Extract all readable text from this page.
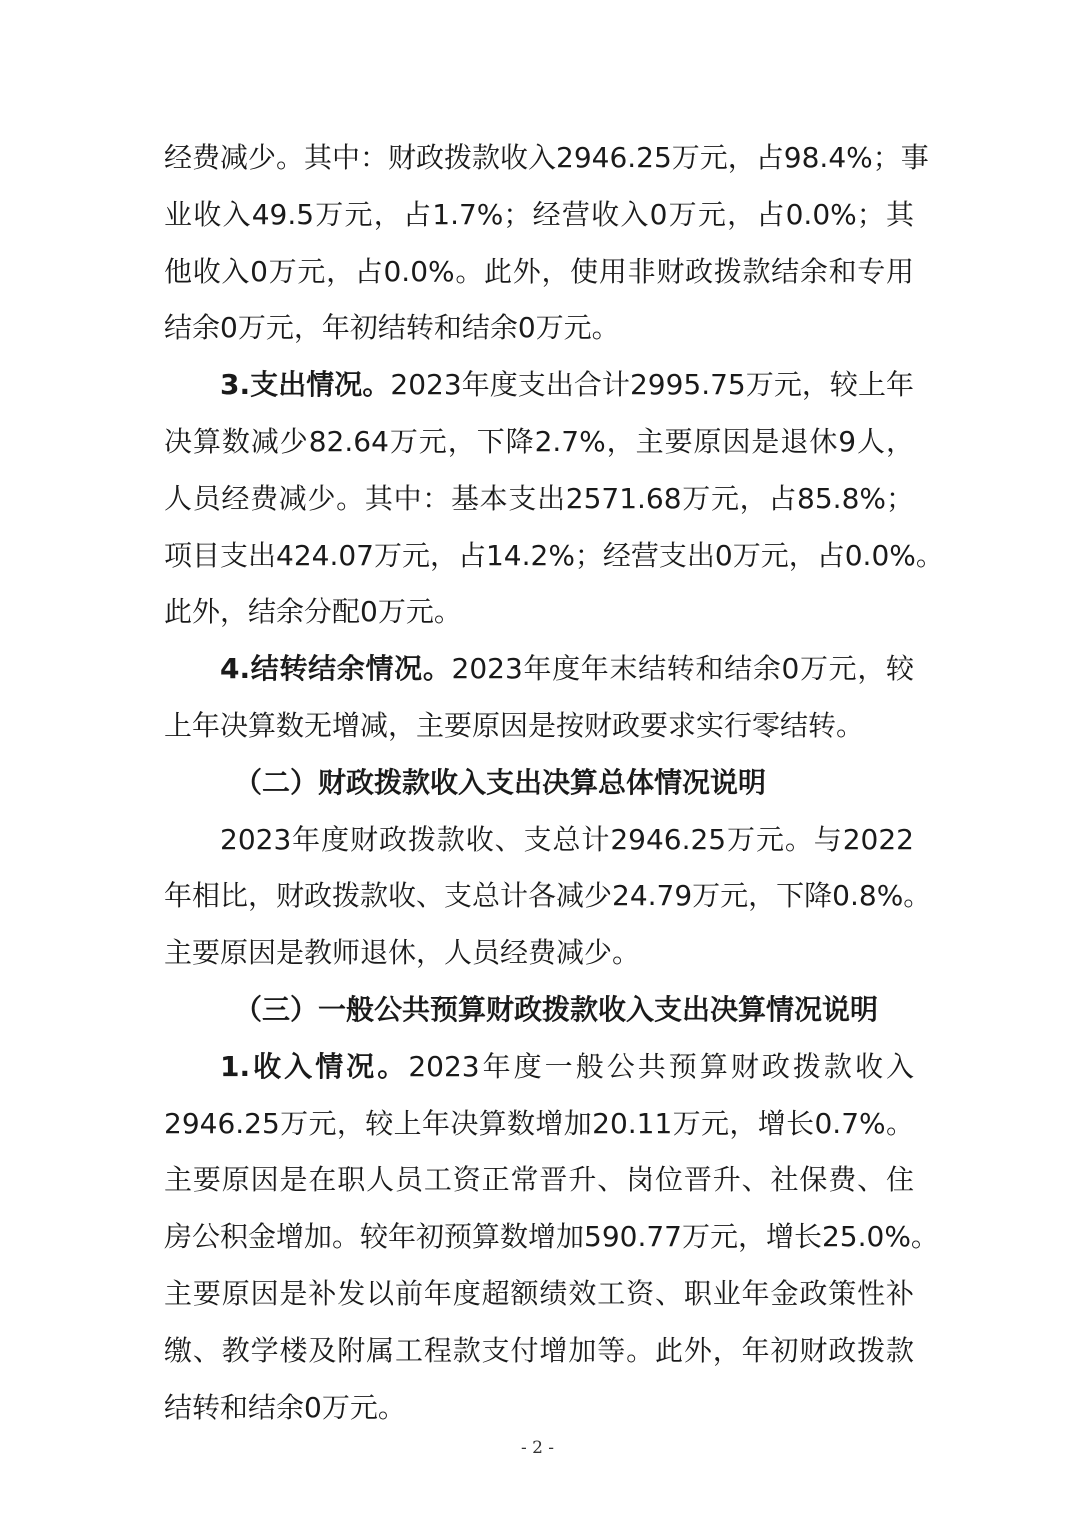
经费减少。其中：财政拨款收入2946.25万元，占98.4%；事
业收入49.5万元，占1.7%；经营收入0万元，占0.0%；其
他收入0万元，占0.0%。此外，使用非财政拨款结余和专用
结余0万元，年初结转和结余0万元。
3.支出情况。2023年度支出合计2995.75万元，较上年
决算数减少82.64万元，下降2.7%，主要原因是退休9人，
人员经费减少。其中：基本支出2571.68万元，占85.8%；
项目支出424.07万元，占14.2%；经营支出0万元，占0.0%。
此外，结余分配0万元。
4.结转结余情况。2023年度年末结转和结余0万元，较
上年决算数无增减，主要原因是按财政要求实行零结转。
（二）财政拨款收入支出决算总体情况说明
2023年度财政拨款收、支总计2946.25万元。与2022
年相比，财政拨款收、支总计各减少24.79万元，下降0.8%。
主要原因是教师退休，人员经费减少。
（三）一般公共预算财政拨款收入支出决算情况说明
1.收入情况。2023年度一般公共预算财政拨款收入
2946.25万元，较上年决算数增加20.11万元，增长0.7%。
主要原因是在职人员工资正常晋升、岗位晋升、社保费、住
房公积金增加。较年初预算数增加590.77万元，增长25.0%。
主要原因是补发以前年度超额绩效工资、职业年金政策性补
缴、教学楼及附属工程款支付增加等。此外，年初财政拨款
结转和结余0万元。
- 2 -
